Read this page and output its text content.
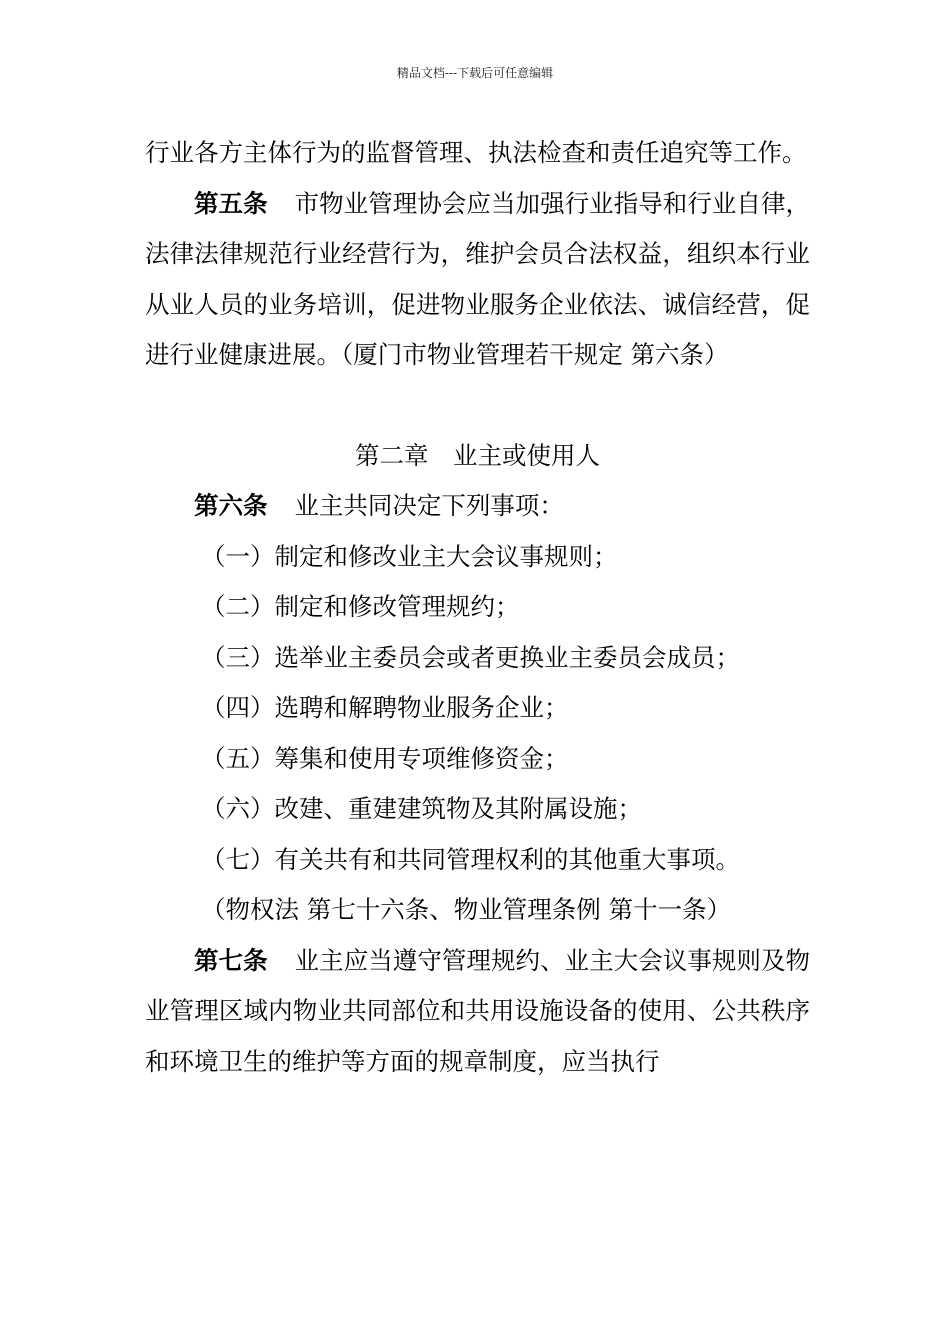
精品文档---下载后可任意编辑

行业各方主体行为的监督管理、执法检查和责任追究等工作。

第五条 市物业管理协会应当加强行业指导和行业自律，法律法律规范行业经营行为，维护会员合法权益，组织本行业从业人员的业务培训，促进物业服务企业依法、诚信经营，促进行业健康进展。（厦门市物业管理若干规定 第六条）

第二章　业主或使用人

第六条 业主共同决定下列事项：

（一）制定和修改业主大会议事规则；

（二）制定和修改管理规约；

（三）选举业主委员会或者更换业主委员会成员；

（四）选聘和解聘物业服务企业；

（五）筹集和使用专项维修资金；

（六）改建、重建建筑物及其附属设施；

（七）有关共有和共同管理权利的其他重大事项。

（物权法 第七十六条、物业管理条例 第十一条）

第七条 业主应当遵守管理规约、业主大会议事规则及物业管理区域内物业共同部位和共用设施设备的使用、公共秩序和环境卫生的维护等方面的规章制度，应当执行
